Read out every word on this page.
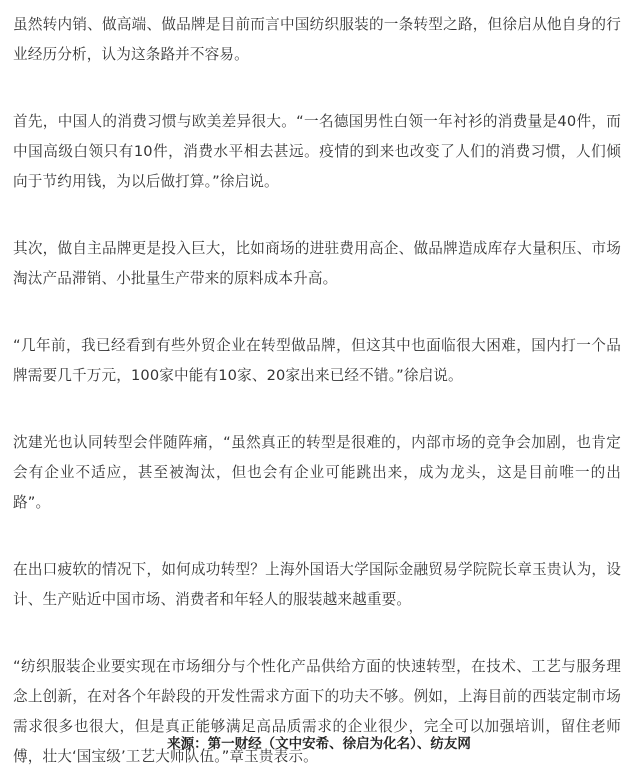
虽然转内销、做高端、做品牌是目前而言中国纺织服装的一条转型之路，但徐启从他自身的行业经历分析，认为这条路并不容易。

首先，中国人的消费习惯与欧美差异很大。“一名德国男性白领一年衬衫的消费量是40件，而中国高级白领只有10件，消费水平相去甚远。疫情的到来也改变了人们的消费习惯，人们倾向于节约用钱，为以后做打算。”徐启说。

其次，做自主品牌更是投入巨大，比如商场的进驻费用高企、做品牌造成库存大量积压、市场淘汰产品滞销、小批量生产带来的原料成本升高。

“几年前，我已经看到有些外贸企业在转型做品牌，但这其中也面临很大困难，国内打一个品牌需要几千万元，100家中能有10家、20家出来已经不错。”徐启说。

沈建光也认同转型会伴随阵痛，“虽然真正的转型是很难的，内部市场的竞争会加剧，也肯定会有企业不适应，甚至被淘汰，但也会有企业可能跳出来，成为龙头，这是目前唯一的出路”。

在出口疲软的情况下，如何成功转型？上海外国语大学国际金融贸易学院院长章玉贵认为，设计、生产贴近中国市场、消费者和年轻人的服装越来越重要。

“纺织服装企业要实现在市场细分与个性化产品供给方面的快速转型，在技术、工艺与服务理念上创新，在对各个年龄段的开发性需求方面下的功夫不够。例如，上海目前的西装定制市场需求很多也很大，但是真正能够满足高品质需求的企业很少，完全可以加强培训，留住老师傅，壮大‘国宝级’工艺大师队伍。”章玉贵表示。

来源：第一财经（文中安希、徐启为化名）、纺友网
